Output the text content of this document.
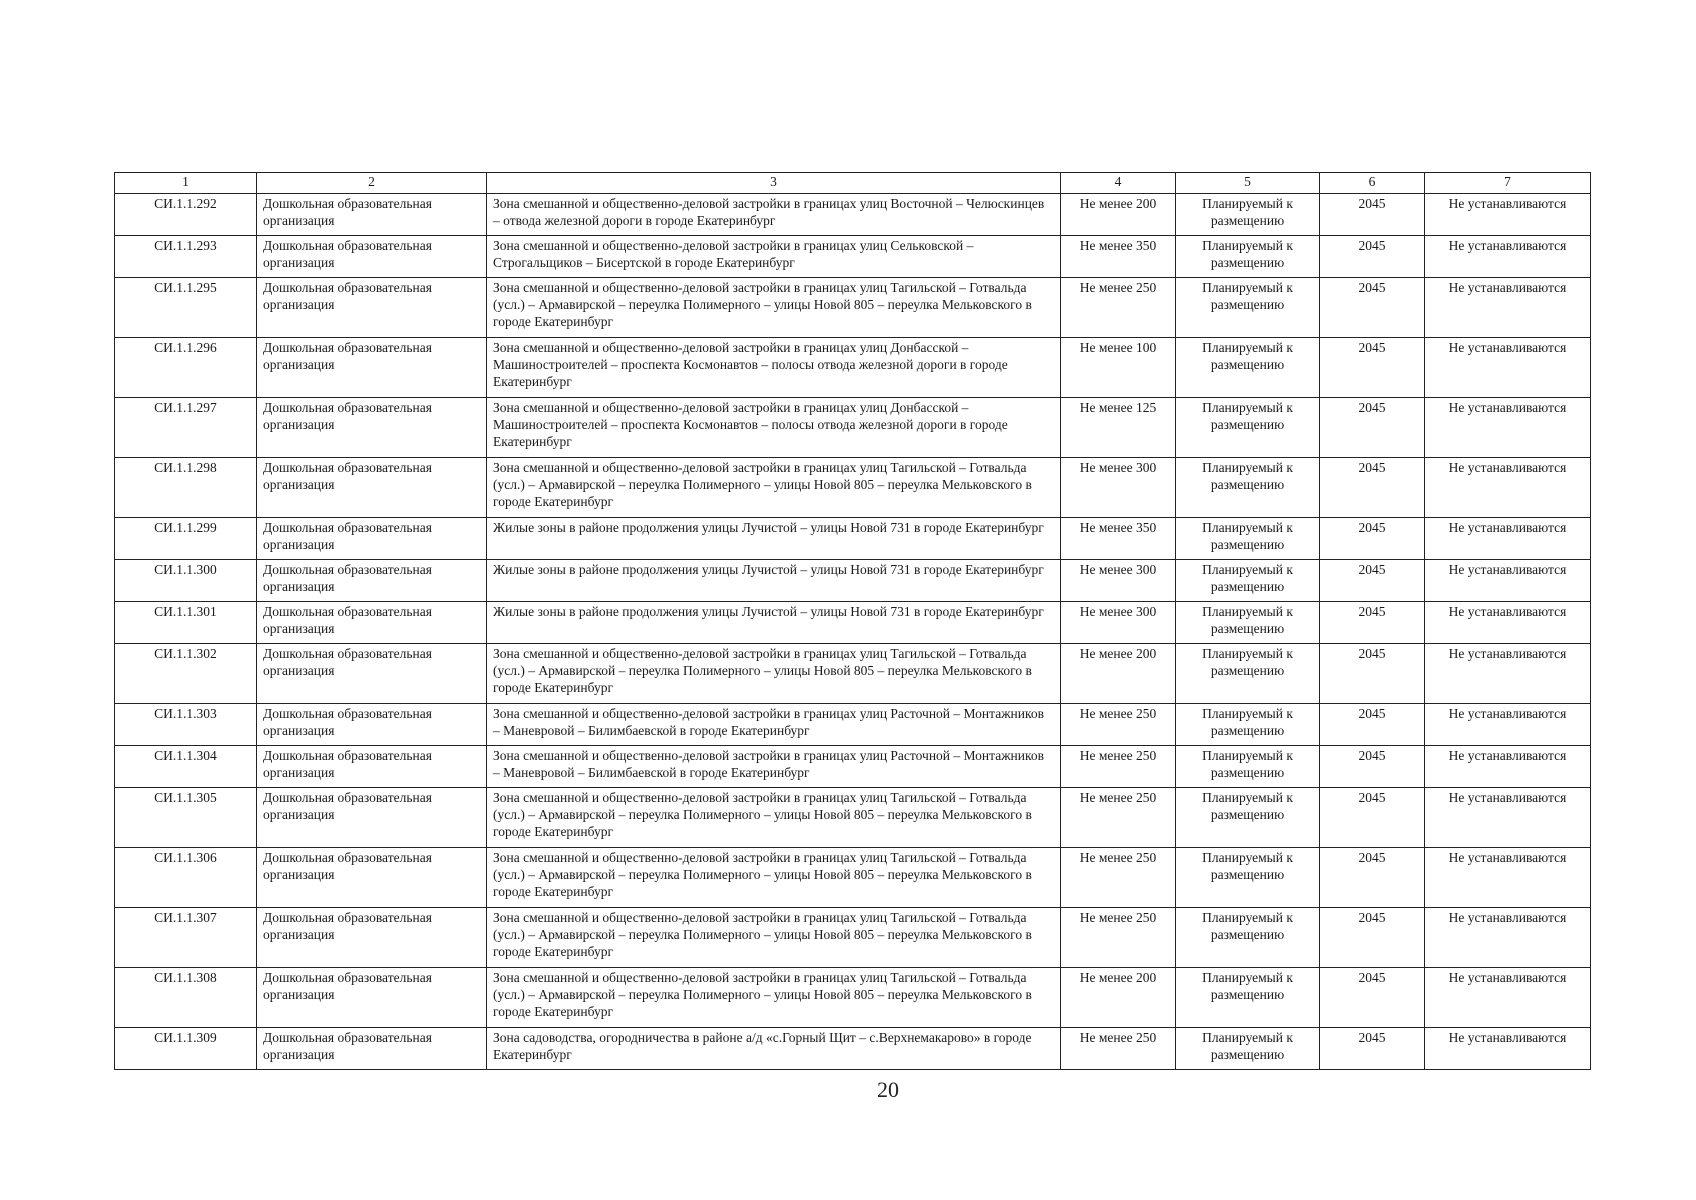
1	2	3	4	5	6	7
СИ.1.1.292	Дошкольная образовательная организация	Зона смешанной и общественно-деловой застройки в границах улиц Восточной – Челюскинцев – отвода железной дороги в городе Екатеринбург	Не менее 200	Планируемый к размещению	2045	Не устанавливаются
СИ.1.1.293	Дошкольная образовательная организация	Зона смешанной и общественно-деловой застройки в границах улиц Сельковской – Строгальщиков – Бисертской в городе Екатеринбург	Не менее 350	Планируемый к размещению	2045	Не устанавливаются
СИ.1.1.295	Дошкольная образовательная организация	Зона смешанной и общественно-деловой застройки в границах улиц Тагильской – Готвальда (усл.) – Армавирской – переулка Полимерного – улицы Новой 805 – переулка Мельковского в городе Екатеринбург	Не менее 250	Планируемый к размещению	2045	Не устанавливаются
СИ.1.1.296	Дошкольная образовательная организация	Зона смешанной и общественно-деловой застройки в границах улиц Донбасской – Машиностроителей – проспекта Космонавтов – полосы отвода железной дороги в городе Екатеринбург	Не менее 100	Планируемый к размещению	2045	Не устанавливаются
СИ.1.1.297	Дошкольная образовательная организация	Зона смешанной и общественно-деловой застройки в границах улиц Донбасской – Машиностроителей – проспекта Космонавтов – полосы отвода железной дороги в городе Екатеринбург	Не менее 125	Планируемый к размещению	2045	Не устанавливаются
СИ.1.1.298	Дошкольная образовательная организация	Зона смешанной и общественно-деловой застройки в границах улиц Тагильской – Готвальда (усл.) – Армавирской – переулка Полимерного – улицы Новой 805 – переулка Мельковского в городе Екатеринбург	Не менее 300	Планируемый к размещению	2045	Не устанавливаются
СИ.1.1.299	Дошкольная образовательная организация	Жилые зоны в районе продолжения улицы Лучистой – улицы Новой 731 в городе Екатеринбург	Не менее 350	Планируемый к размещению	2045	Не устанавливаются
СИ.1.1.300	Дошкольная образовательная организация	Жилые зоны в районе продолжения улицы Лучистой – улицы Новой 731 в городе Екатеринбург	Не менее 300	Планируемый к размещению	2045	Не устанавливаются
СИ.1.1.301	Дошкольная образовательная организация	Жилые зоны в районе продолжения улицы Лучистой – улицы Новой 731 в городе Екатеринбург	Не менее 300	Планируемый к размещению	2045	Не устанавливаются
СИ.1.1.302	Дошкольная образовательная организация	Зона смешанной и общественно-деловой застройки в границах улиц Тагильской – Готвальда (усл.) – Армавирской – переулка Полимерного – улицы Новой 805 – переулка Мельковского в городе Екатеринбург	Не менее 200	Планируемый к размещению	2045	Не устанавливаются
СИ.1.1.303	Дошкольная образовательная организация	Зона смешанной и общественно-деловой застройки в границах улиц Расточной – Монтажников – Маневровой – Билимбаевской в городе Екатеринбург	Не менее 250	Планируемый к размещению	2045	Не устанавливаются
СИ.1.1.304	Дошкольная образовательная организация	Зона смешанной и общественно-деловой застройки в границах улиц Расточной – Монтажников – Маневровой – Билимбаевской в городе Екатеринбург	Не менее 250	Планируемый к размещению	2045	Не устанавливаются
СИ.1.1.305	Дошкольная образовательная организация	Зона смешанной и общественно-деловой застройки в границах улиц Тагильской – Готвальда (усл.) – Армавирской – переулка Полимерного – улицы Новой 805 – переулка Мельковского в городе Екатеринбург	Не менее 250	Планируемый к размещению	2045	Не устанавливаются
СИ.1.1.306	Дошкольная образовательная организация	Зона смешанной и общественно-деловой застройки в границах улиц Тагильской – Готвальда (усл.) – Армавирской – переулка Полимерного – улицы Новой 805 – переулка Мельковского в городе Екатеринбург	Не менее 250	Планируемый к размещению	2045	Не устанавливаются
СИ.1.1.307	Дошкольная образовательная организация	Зона смешанной и общественно-деловой застройки в границах улиц Тагильской – Готвальда (усл.) – Армавирской – переулка Полимерного – улицы Новой 805 – переулка Мельковского в городе Екатеринбург	Не менее 250	Планируемый к размещению	2045	Не устанавливаются
СИ.1.1.308	Дошкольная образовательная организация	Зона смешанной и общественно-деловой застройки в границах улиц Тагильской – Готвальда (усл.) – Армавирской – переулка Полимерного – улицы Новой 805 – переулка Мельковского в городе Екатеринбург	Не менее 200	Планируемый к размещению	2045	Не устанавливаются
СИ.1.1.309	Дошкольная образовательная организация	Зона садоводства, огородничества в районе а/д «с.Горный Щит – с.Верхнемакарово» в городе Екатеринбург	Не менее 250	Планируемый к размещению	2045	Не устанавливаются
20
